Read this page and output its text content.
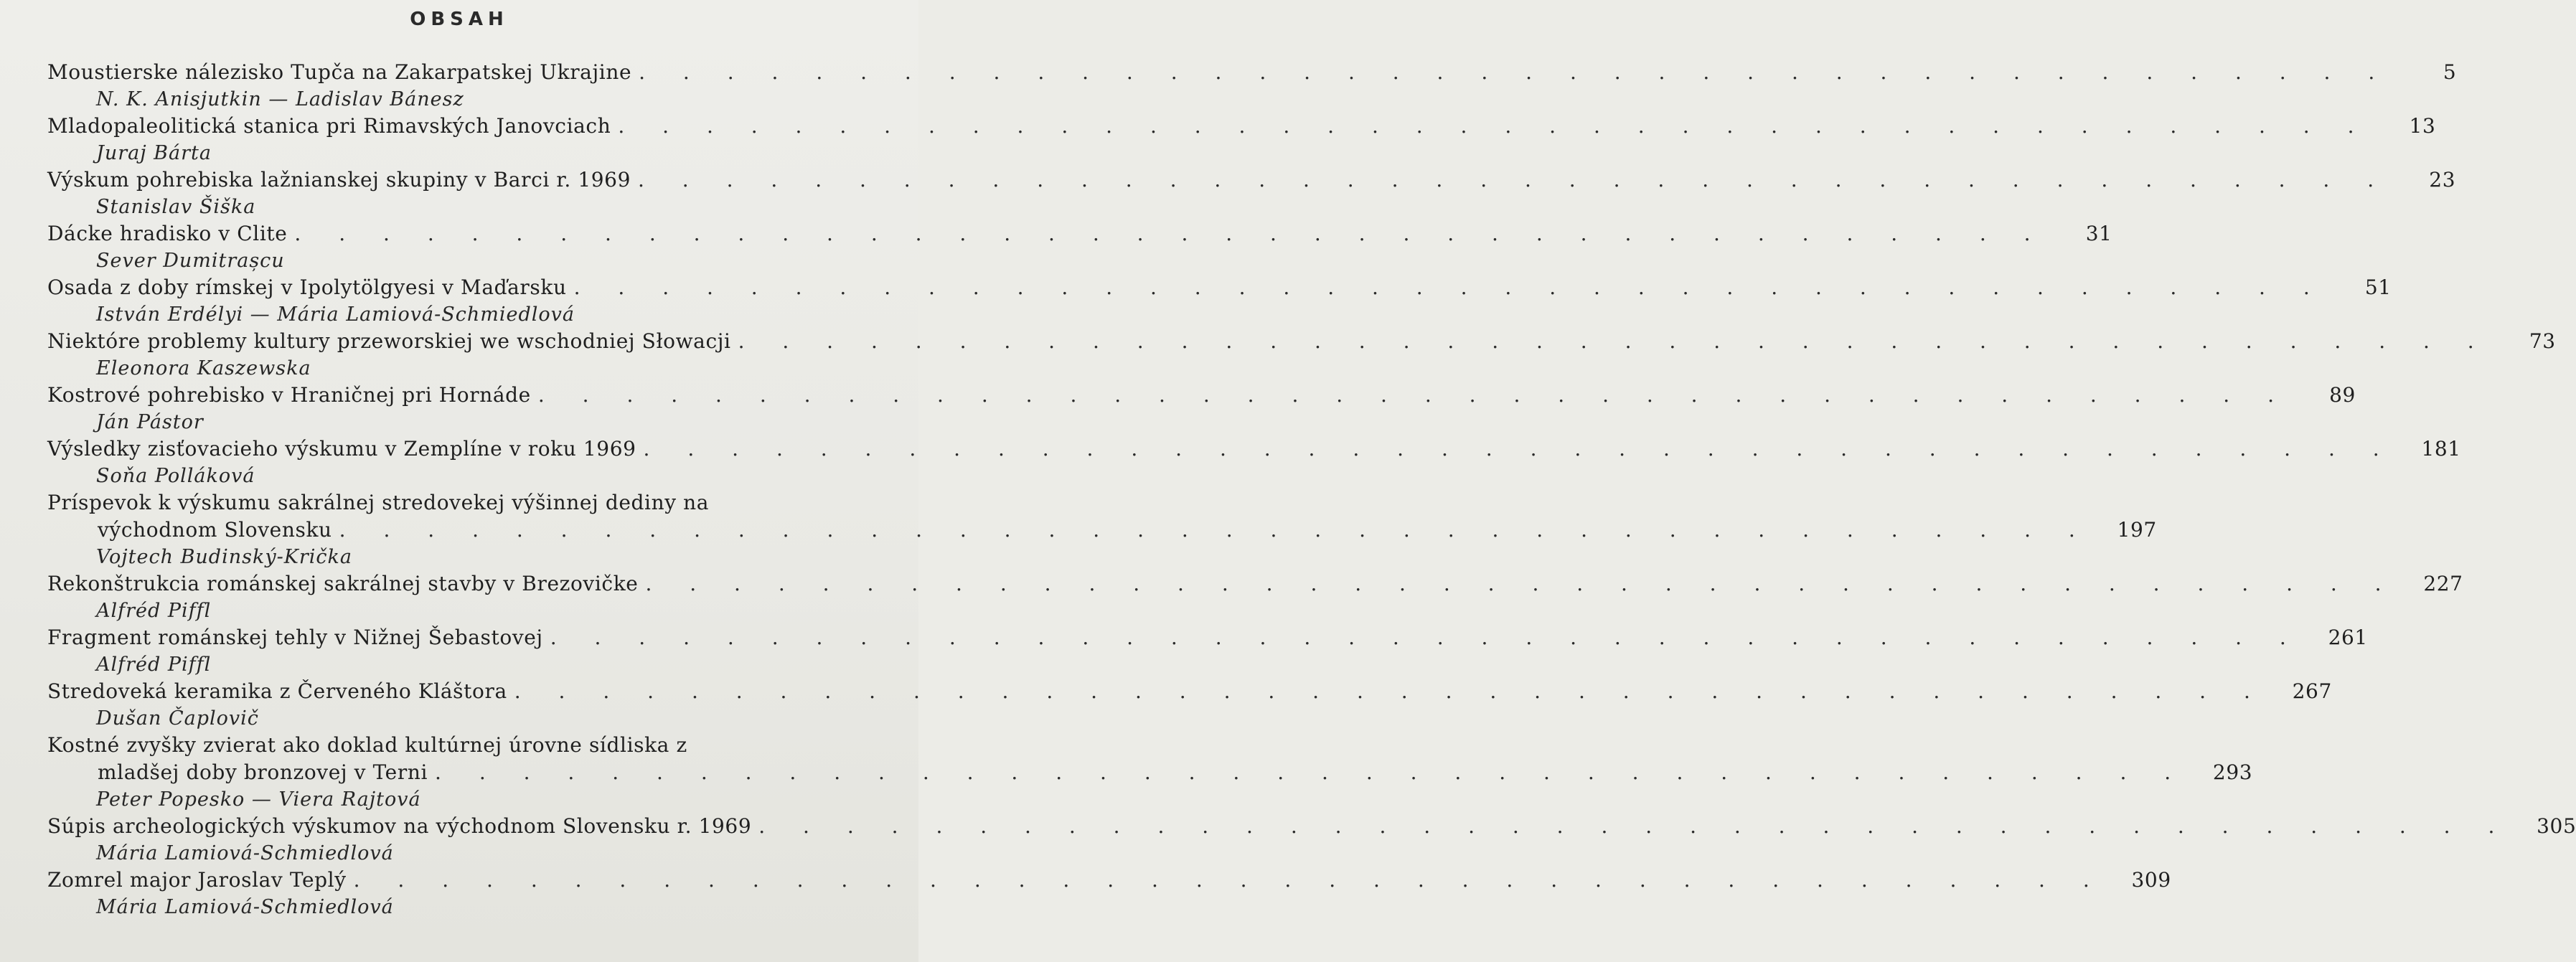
OBSAH
Moustierske nálezisko Tupča na Zakarpatskej Ukrajine . . . . . . . . . . . . . . . . . . . . . . . . . . . . . . . . . . . . . . . .	5
N. K. Anisjutkin — Ladislav Bánesz
Mladopaleolitická stanica pri Rimavských Janovciach . . . . . . . . . . . . . . . . . . . . . . . . . . . . . . . . . . . . . . . .	13
Juraj Bárta
Výskum pohrebiska lažnianskej skupiny v Barci r. 1969 . . . . . . . . . . . . . . . . . . . . . . . . . . . . . . . . . . . . . . . .	23
Stanislav Šiška
Dácke hradisko v Clite . . . . . . . . . . . . . . . . . . . . . . . . . . . . . . . . . . . . . . . .	31
Sever Dumitrașcu
Osada z doby rímskej v Ipolytölgyesi v Maďarsku . . . . . . . . . . . . . . . . . . . . . . . . . . . . . . . . . . . . . . . .	51
István Erdélyi — Mária Lamiová-Schmiedlová
Niektóre problemy kultury przeworskiej we wschodniej Słowacji . . . . . . . . . . . . . . . . . . . . . . . . . . . . . . . . . . . . . . . .	73
Eleonora Kaszewska
Kostrové pohrebisko v Hraničnej pri Hornáde . . . . . . . . . . . . . . . . . . . . . . . . . . . . . . . . . . . . . . . .	89
Ján Pástor
Výsledky zisťovacieho výskumu v Zemplíne v roku 1969 . . . . . . . . . . . . . . . . . . . . . . . . . . . . . . . . . . . . . . . .	181
Soňa Polláková
Príspevok k výskumu sakrálnej stredovekej výšinnej dediny na
východnom Slovensku . . . . . . . . . . . . . . . . . . . . . . . . . . . . . . . . . . . . . . . .	197
Vojtech Budinský-Krička
Rekonštrukcia románskej sakrálnej stavby v Brezovičke . . . . . . . . . . . . . . . . . . . . . . . . . . . . . . . . . . . . . . . .	227
Alfréd Piffl
Fragment románskej tehly v Nižnej Šebastovej . . . . . . . . . . . . . . . . . . . . . . . . . . . . . . . . . . . . . . . .	261
Alfréd Piffl
Stredoveká keramika z Červeného Kláštora . . . . . . . . . . . . . . . . . . . . . . . . . . . . . . . . . . . . . . . .	267
Dušan Čaplovič
Kostné zvyšky zvierat ako doklad kultúrnej úrovne sídliska z
mladšej doby bronzovej v Terni . . . . . . . . . . . . . . . . . . . . . . . . . . . . . . . . . . . . . . . .	293
Peter Popesko — Viera Rajtová
Súpis archeologických výskumov na východnom Slovensku r. 1969 . . . . . . . . . . . . . . . . . . . . . . . . . . . . . . . . . . . . . . . .	305
Mária Lamiová-Schmiedlová
Zomrel major Jaroslav Teplý . . . . . . . . . . . . . . . . . . . . . . . . . . . . . . . . . . . . . . . .	309
Mária Lamiová-Schmiedlová
